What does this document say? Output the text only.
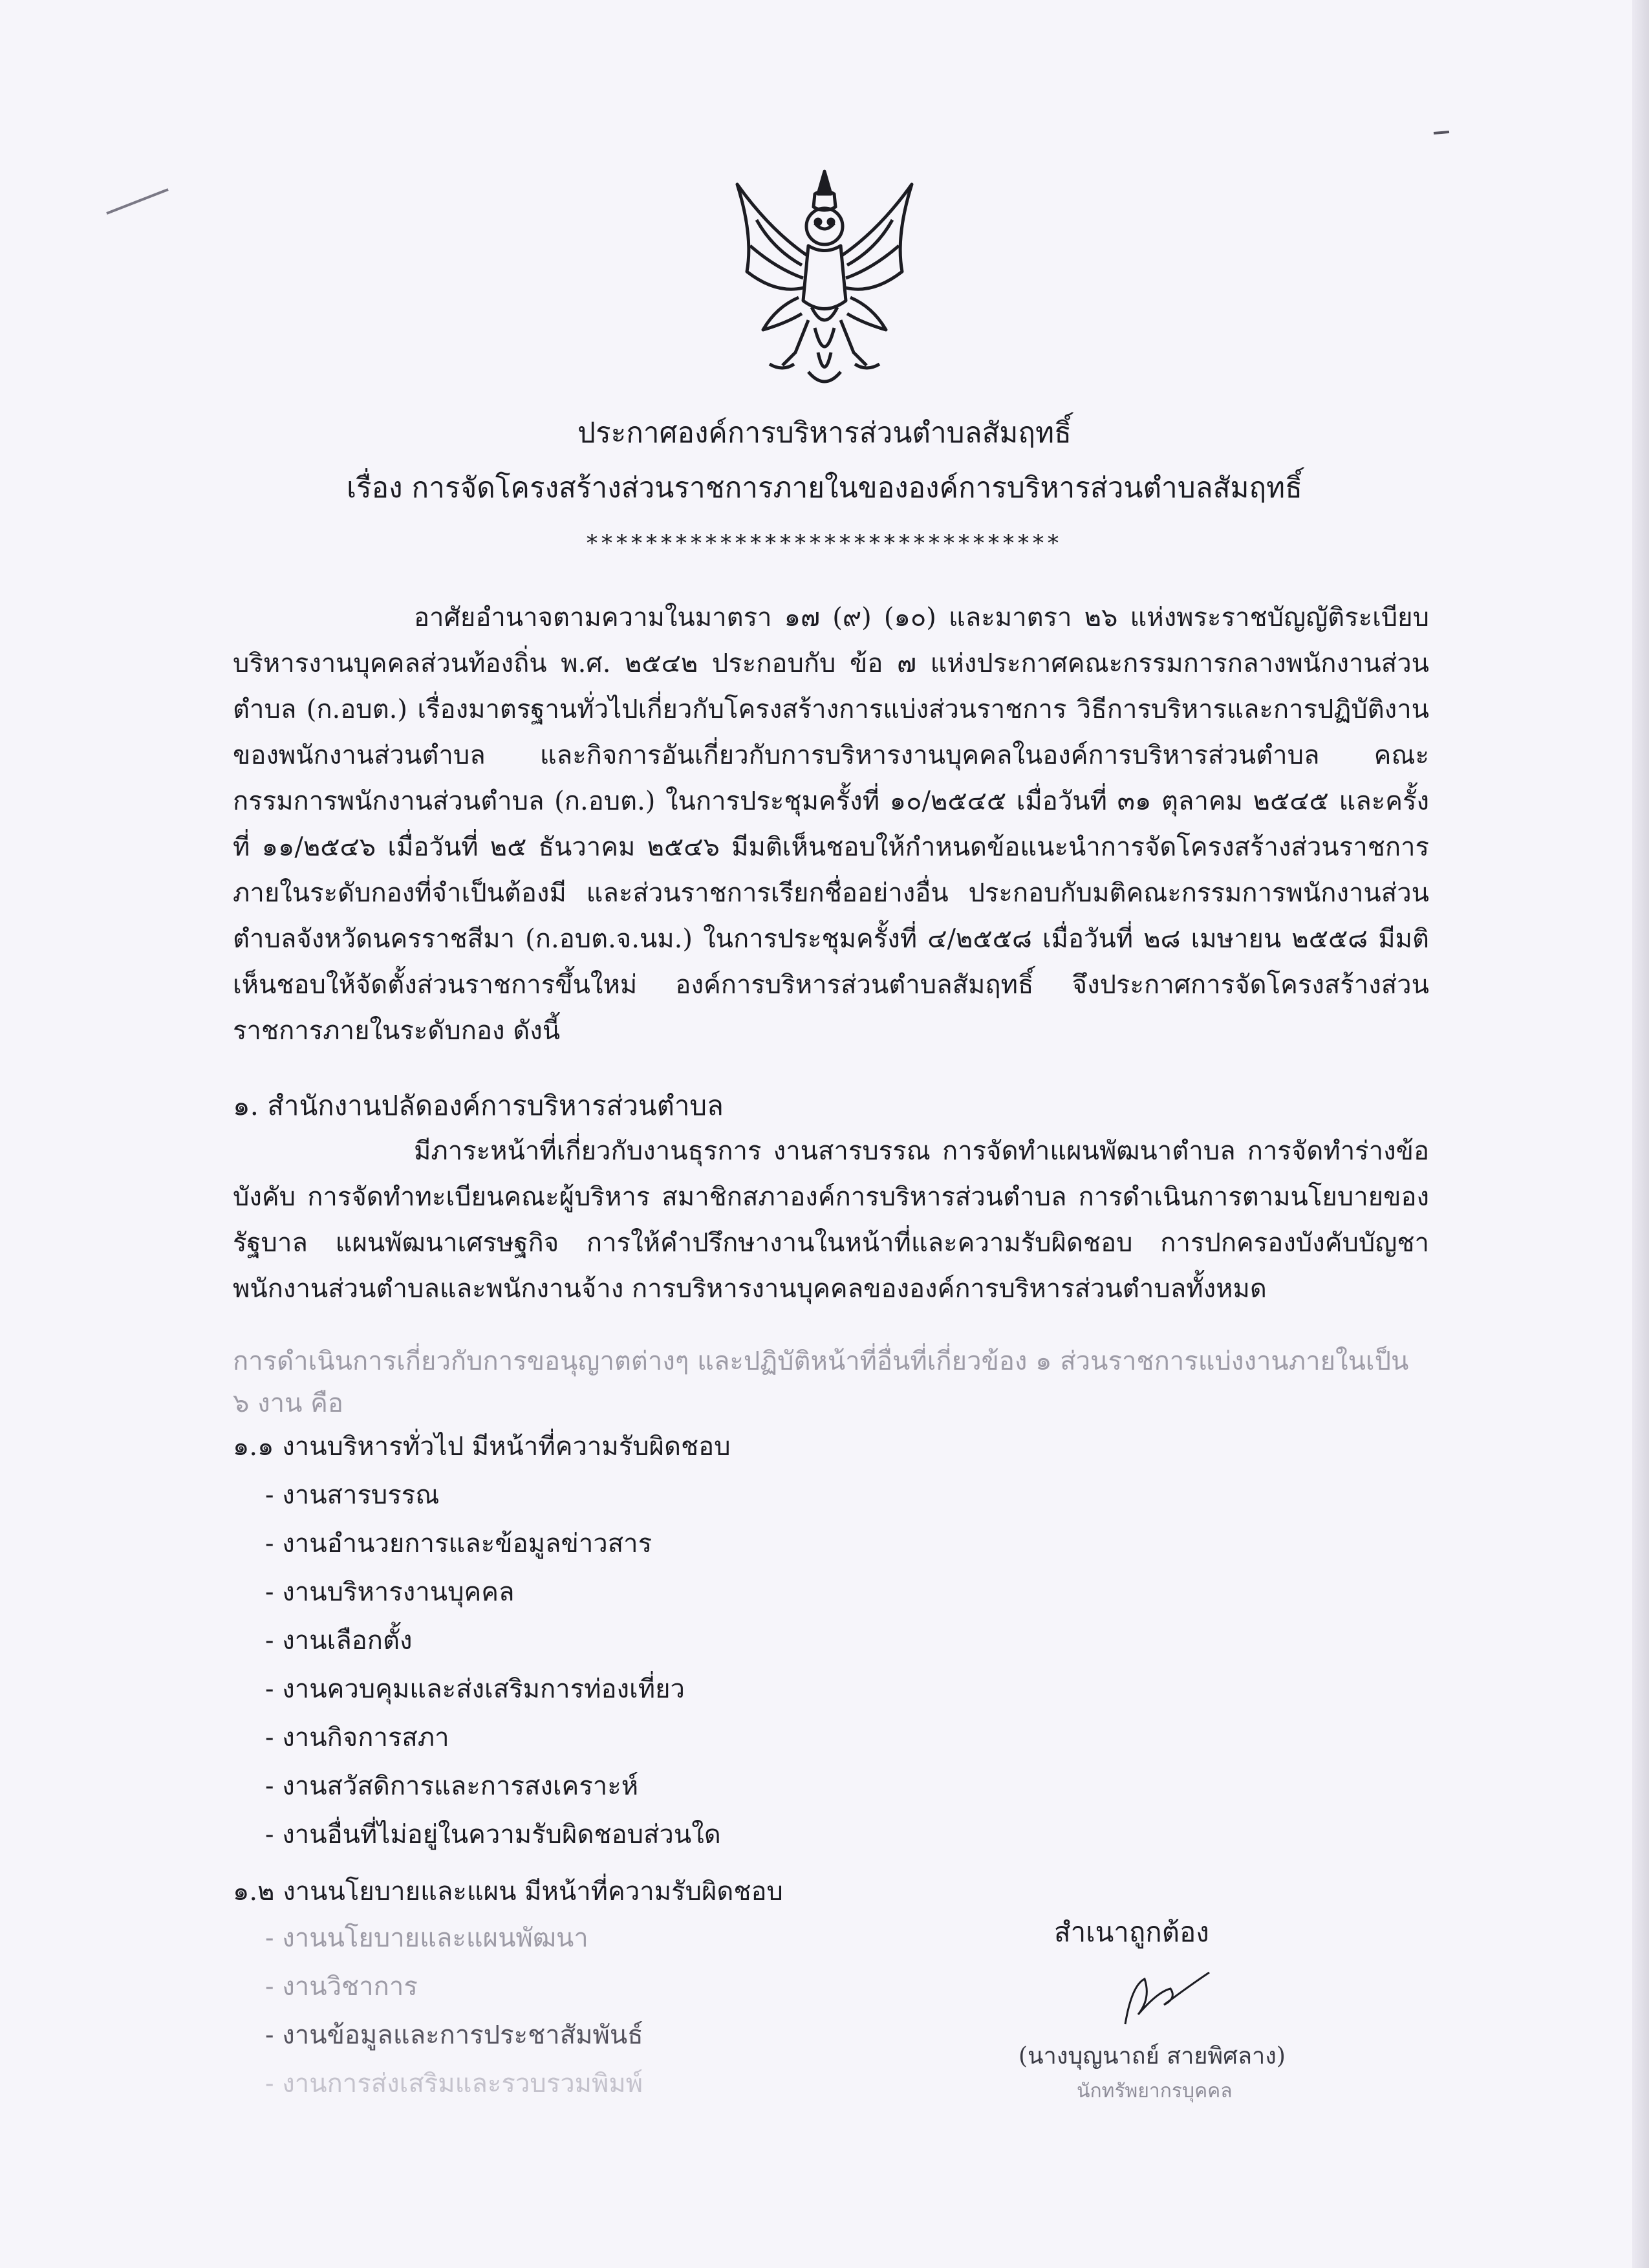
ประกาศองค์การบริหารส่วนตำบลสัมฤทธิ์
เรื่อง การจัดโครงสร้างส่วนราชการภายในขององค์การบริหารส่วนตำบลสัมฤทธิ์
********************************
อาศัยอำนาจตามความในมาตรา ๑๗ (๙) (๑๐) และมาตรา ๒๖ แห่งพระราชบัญญัติระเบียบบริหารงานบุคคลส่วนท้องถิ่น พ.ศ. ๒๕๔๒ ประกอบกับ ข้อ ๗ แห่งประกาศคณะกรรมการกลางพนักงานส่วนตำบล (ก.อบต.) เรื่องมาตรฐานทั่วไปเกี่ยวกับโครงสร้างการแบ่งส่วนราชการ วิธีการบริหารและการปฏิบัติงานของพนักงานส่วนตำบล และกิจการอันเกี่ยวกับการบริหารงานบุคคลในองค์การบริหารส่วนตำบล คณะกรรมการพนักงานส่วนตำบล (ก.อบต.) ในการประชุมครั้งที่ ๑๐/๒๕๔๕ เมื่อวันที่ ๓๑ ตุลาคม ๒๕๔๕ และครั้งที่ ๑๑/๒๕๔๖ เมื่อวันที่ ๒๕ ธันวาคม ๒๕๔๖ มีมติเห็นชอบให้กำหนดข้อแนะนำการจัดโครงสร้างส่วนราชการภายในระดับกองที่จำเป็นต้องมี และส่วนราชการเรียกชื่ออย่างอื่น ประกอบกับมติคณะกรรมการพนักงานส่วนตำบลจังหวัดนครราชสีมา (ก.อบต.จ.นม.) ในการประชุมครั้งที่ ๔/๒๕๕๘ เมื่อวันที่ ๒๘ เมษายน ๒๕๕๘ มีมติเห็นชอบให้จัดตั้งส่วนราชการขึ้นใหม่ องค์การบริหารส่วนตำบลสัมฤทธิ์ จึงประกาศการจัดโครงสร้างส่วนราชการภายในระดับกอง ดังนี้
๑. สำนักงานปลัดองค์การบริหารส่วนตำบล
มีภาระหน้าที่เกี่ยวกับงานธุรการ งานสารบรรณ การจัดทำแผนพัฒนาตำบล การจัดทำร่างข้อบังคับ การจัดทำทะเบียนคณะผู้บริหาร สมาชิกสภาองค์การบริหารส่วนตำบล การดำเนินการตามนโยบายของรัฐบาล แผนพัฒนาเศรษฐกิจ การให้คำปรึกษางานในหน้าที่และความรับผิดชอบ การปกครองบังคับบัญชาพนักงานส่วนตำบลและพนักงานจ้าง การบริหารงานบุคคลขององค์การบริหารส่วนตำบลทั้งหมด
การดำเนินการเกี่ยวกับการขอนุญาตต่างๆ และปฏิบัติหน้าที่อื่นที่เกี่ยวข้อง ๑ ส่วนราชการแบ่งงานภายในเป็น
๖ งาน คือ
๑.๑ งานบริหารทั่วไป มีหน้าที่ความรับผิดชอบ
- งานสารบรรณ
- งานอำนวยการและข้อมูลข่าวสาร
- งานบริหารงานบุคคล
- งานเลือกตั้ง
- งานควบคุมและส่งเสริมการท่องเที่ยว
- งานกิจการสภา
- งานสวัสดิการและการสงเคราะห์
- งานอื่นที่ไม่อยู่ในความรับผิดชอบส่วนใด
๑.๒ งานนโยบายและแผน มีหน้าที่ความรับผิดชอบ
- งานนโยบายและแผนพัฒนา
- งานวิชาการ
- งานข้อมูลและการประชาสัมพันธ์
- งานการส่งเสริมและรวบรวมพิมพ์
สำเนาถูกต้อง
(นางบุญนาถย์ สายพิศลาง)
นักทรัพยากรบุคคล
